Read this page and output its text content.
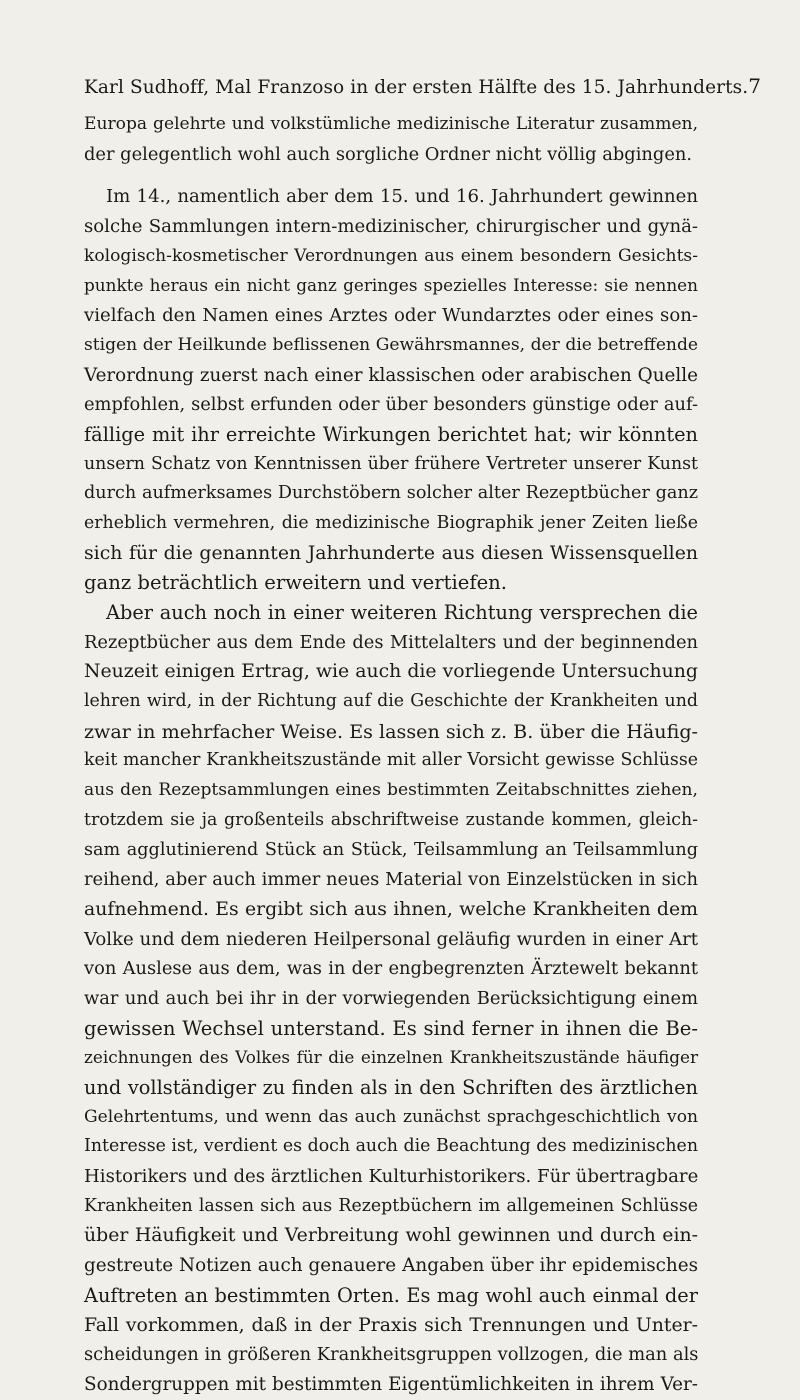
Karl Sudhoff, Mal Franzoso in der ersten Hälfte des 15. Jahrhunderts. 7
Europa gelehrte und volkstümliche medizinische Literatur zusammen,
der gelegentlich wohl auch sorgliche Ordner nicht völlig abgingen.
Im 14., namentlich aber dem 15. und 16. Jahrhundert gewinnen
solche Sammlungen intern-medizinischer, chirurgischer und gynä-
kologisch-kosmetischer Verordnungen aus einem besondern Gesichts-
punkte heraus ein nicht ganz geringes spezielles Interesse: sie nennen
vielfach den Namen eines Arztes oder Wundarztes oder eines son-
stigen der Heilkunde beflissenen Gewährsmannes, der die betreffende
Verordnung zuerst nach einer klassischen oder arabischen Quelle
empfohlen, selbst erfunden oder über besonders günstige oder auf-
fällige mit ihr erreichte Wirkungen berichtet hat; wir könnten
unsern Schatz von Kenntnissen über frühere Vertreter unserer Kunst
durch aufmerksames Durchstöbern solcher alter Rezeptbücher ganz
erheblich vermehren, die medizinische Biographik jener Zeiten ließe
sich für die genannten Jahrhunderte aus diesen Wissensquellen
ganz beträchtlich erweitern und vertiefen.
Aber auch noch in einer weiteren Richtung versprechen die
Rezeptbücher aus dem Ende des Mittelalters und der beginnenden
Neuzeit einigen Ertrag, wie auch die vorliegende Untersuchung
lehren wird, in der Richtung auf die Geschichte der Krankheiten und
zwar in mehrfacher Weise. Es lassen sich z. B. über die Häufig-
keit mancher Krankheitszustände mit aller Vorsicht gewisse Schlüsse
aus den Rezeptsammlungen eines bestimmten Zeitabschnittes ziehen,
trotzdem sie ja großenteils abschriftweise zustande kommen, gleich-
sam agglutinierend Stück an Stück, Teilsammlung an Teilsammlung
reihend, aber auch immer neues Material von Einzelstücken in sich
aufnehmend. Es ergibt sich aus ihnen, welche Krankheiten dem
Volke und dem niederen Heilpersonal geläufig wurden in einer Art
von Auslese aus dem, was in der engbegrenzten Ärztewelt bekannt
war und auch bei ihr in der vorwiegenden Berücksichtigung einem
gewissen Wechsel unterstand. Es sind ferner in ihnen die Be-
zeichnungen des Volkes für die einzelnen Krankheitszustände häufiger
und vollständiger zu finden als in den Schriften des ärztlichen
Gelehrtentums, und wenn das auch zunächst sprachgeschichtlich von
Interesse ist, verdient es doch auch die Beachtung des medizinischen
Historikers und des ärztlichen Kulturhistorikers. Für übertragbare
Krankheiten lassen sich aus Rezeptbüchern im allgemeinen Schlüsse
über Häufigkeit und Verbreitung wohl gewinnen und durch ein-
gestreute Notizen auch genauere Angaben über ihr epidemisches
Auftreten an bestimmten Orten. Es mag wohl auch einmal der
Fall vorkommen, daß in der Praxis sich Trennungen und Unter-
scheidungen in größeren Krankheitsgruppen vollzogen, die man als
Sondergruppen mit bestimmten Eigentümlichkeiten in ihrem Ver-
